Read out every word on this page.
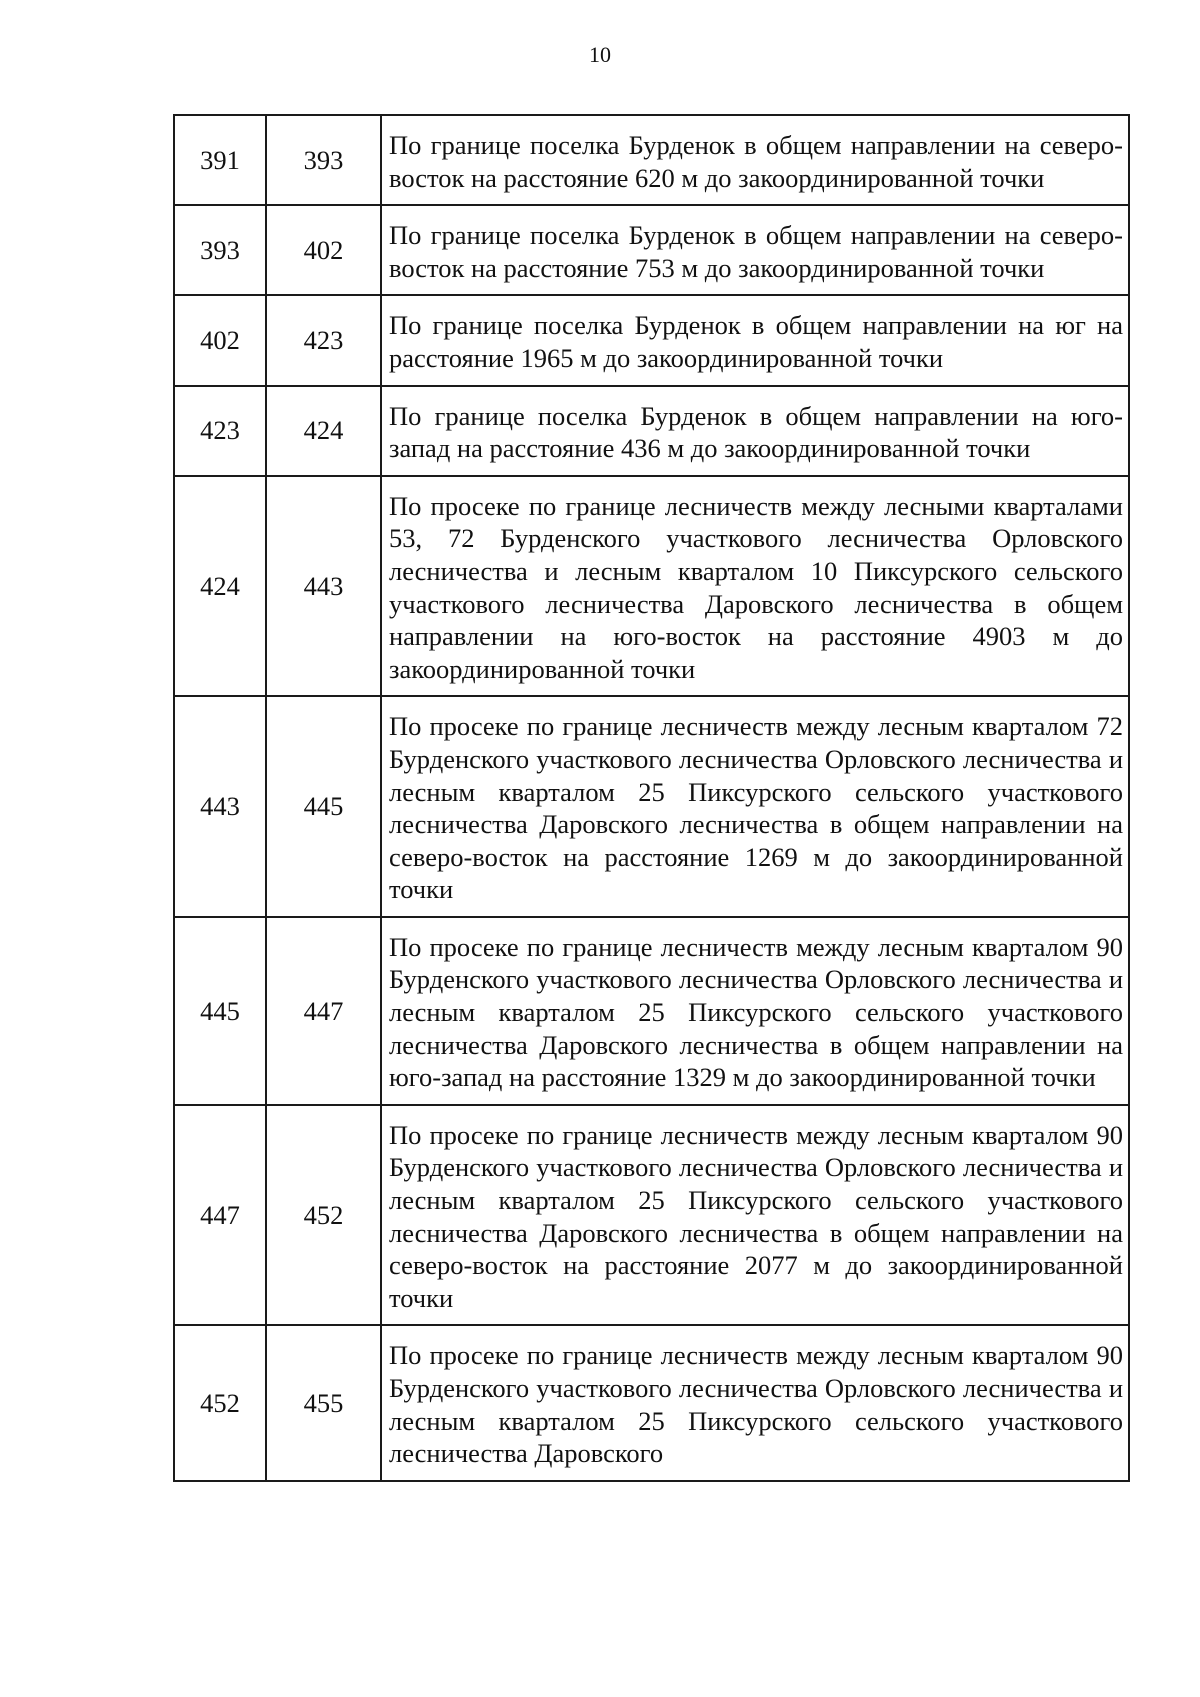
10
391	393	По границе поселка Бурденок в общем направлении на северо-восток на расстояние 620 м до закоординированной точки
393	402	По границе поселка Бурденок в общем направлении на северо-восток на расстояние 753 м до закоординированной точки
402	423	По границе поселка Бурденок в общем направлении на юг на расстояние 1965 м до закоординированной точки
423	424	По границе поселка Бурденок в общем направлении на юго-запад на расстояние 436 м до закоординированной точки
424	443	По просеке по границе лесничеств между лесными кварталами 53, 72 Бурденского участкового лесничества Орловского лесничества и лесным кварталом 10 Пиксурского сельского участкового лесничества Даровского лесничества в общем направлении на юго-восток на расстояние 4903 м до закоординированной точки
443	445	По просеке по границе лесничеств между лесным кварталом 72 Бурденского участкового лесничества Орловского лесничества и лесным кварталом 25 Пиксурского сельского участкового лесничества Даровского лесничества в общем направлении на северо-восток на расстояние 1269 м до закоординированной точки
445	447	По просеке по границе лесничеств между лесным кварталом 90 Бурденского участкового лесничества Орловского лесничества и лесным кварталом 25 Пиксурского сельского участкового лесничества Даровского лесничества в общем направлении на юго-запад на расстояние 1329 м до закоординированной точки
447	452	По просеке по границе лесничеств между лесным кварталом 90 Бурденского участкового лесничества Орловского лесничества и лесным кварталом 25 Пиксурского сельского участкового лесничества Даровского лесничества в общем направлении на северо-восток на расстояние 2077 м до закоординированной точки
452	455	По просеке по границе лесничеств между лесным кварталом 90 Бурденского участкового лесничества Орловского лесничества и лесным кварталом 25 Пиксурского сельского участкового лесничества Даровского
